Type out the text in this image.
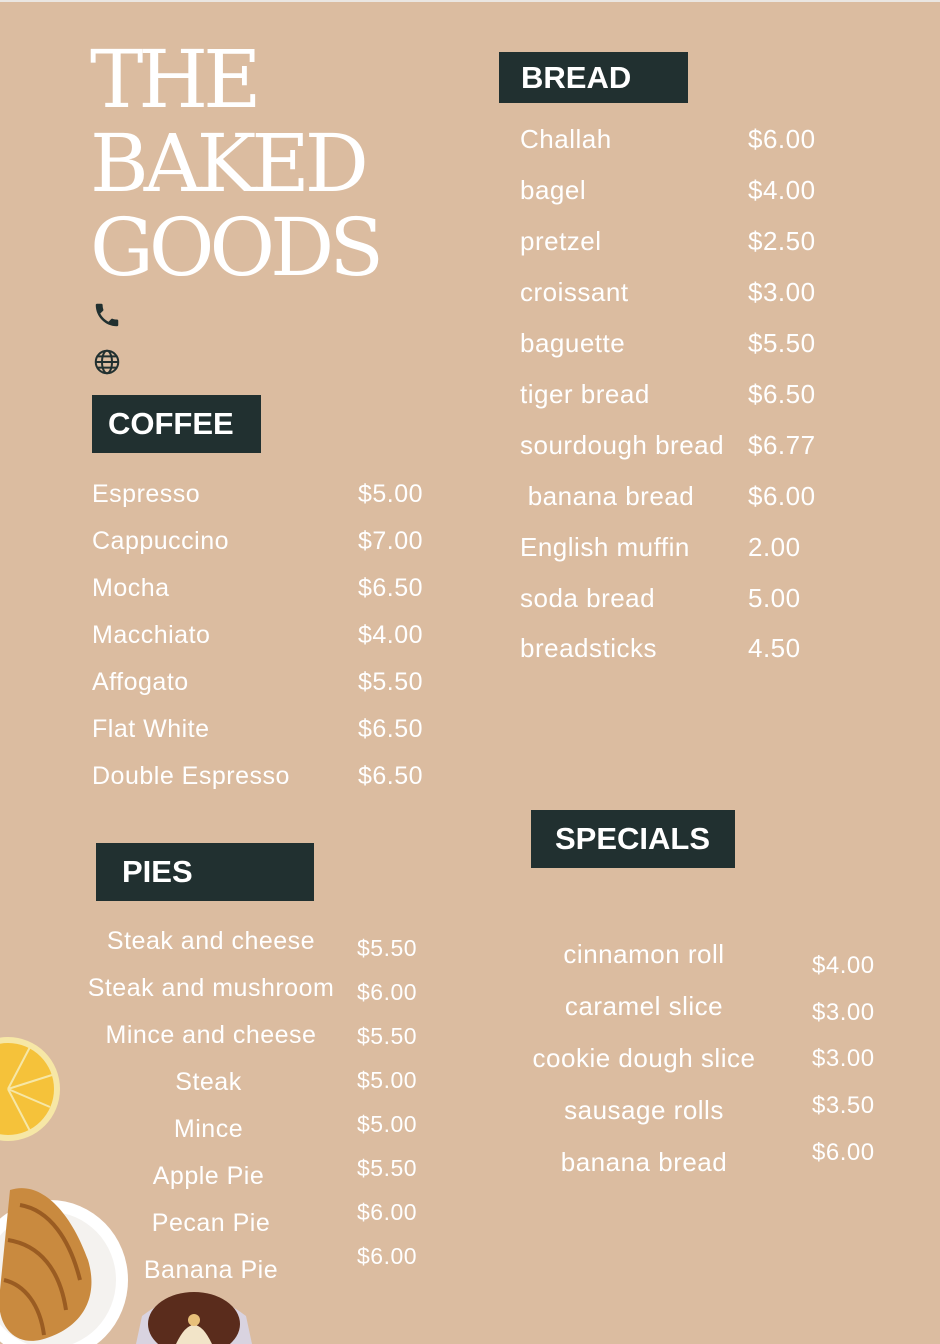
THE
BAKED
GOODS
COFFEE
Espresso	$5.00
Cappuccino	$7.00
Mocha	$6.50
Macchiato	$4.00
Affogato	$5.50
Flat White	$6.50
Double Espresso	$6.50
PIES
Steak and cheese	$5.50
Steak and mushroom $6.00
Mince and cheese	$5.50
Steak	$5.00
Mince	$5.00
Apple Pie	$5.50
Pecan Pie	$6.00
Banana Pie	$6.00
BREAD
Challah	$6.00
bagel	$4.00
pretzel	$2.50
croissant	$3.00
baguette	$5.50
tiger bread	$6.50
sourdough bread $6.77
banana bread $6.00
English muffin 2.00
soda bread	5.00
breadsticks	4.50
SPECIALS
cinnamon roll	$4.00
caramel slice	$3.00
cookie dough slice	$3.00
sausage rolls	$3.50
banana bread	$6.00
